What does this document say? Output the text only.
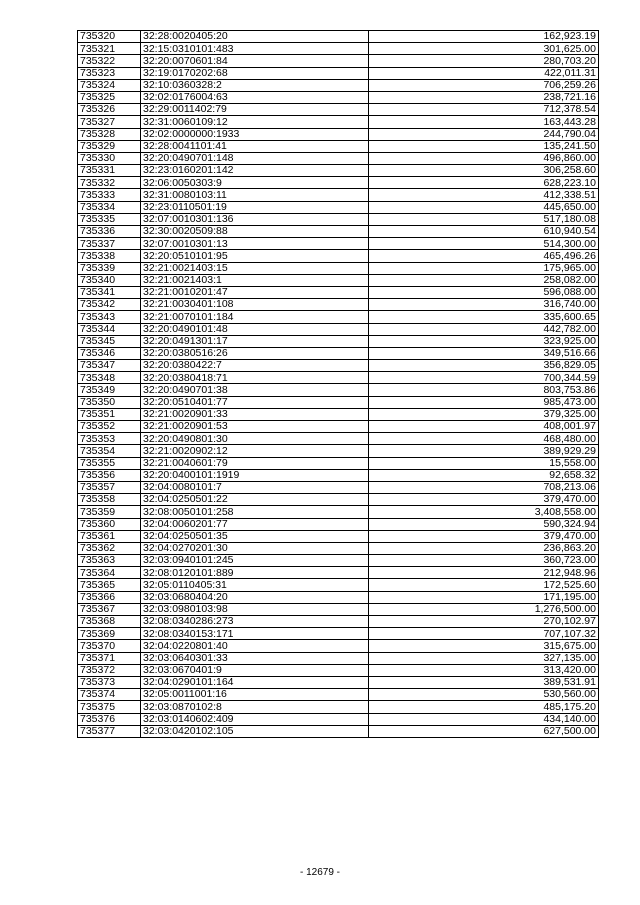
735320	32:28:0020405:20	162,923.19
735321	32:15:0310101:483	301,625.00
735322	32:20:0070601:84	280,703.20
735323	32:19:0170202:68	422,011.31
735324	32:10:0360328:2	706,259.26
735325	32:02:0176004:63	238,721.16
735326	32:29:0011402:79	712,378.54
735327	32:31:0060109:12	163,443.28
735328	32:02:0000000:1933	244,790.04
735329	32:28:0041101:41	135,241.50
735330	32:20:0490701:148	496,860.00
735331	32:23:0160201:142	306,258.60
735332	32:06:0050303:9	628,223.10
735333	32:31:0080103:11	412,338.51
735334	32:23:0110501:19	445,650.00
735335	32:07:0010301:136	517,180.08
735336	32:30:0020509:88	610,940.54
735337	32:07:0010301:13	514,300.00
735338	32:20:0510101:95	465,496.26
735339	32:21:0021403:15	175,965.00
735340	32:21:0021403:1	258,082.00
735341	32:21:0010201:47	596,088.00
735342	32:21:0030401:108	316,740.00
735343	32:21:0070101:184	335,600.65
735344	32:20:0490101:48	442,782.00
735345	32:20:0491301:17	323,925.00
735346	32:20:0380516:26	349,516.66
735347	32:20:0380422:7	356,829.05
735348	32:20:0380418:71	700,344.59
735349	32:20:0490701:38	803,753.86
735350	32:20:0510401:77	985,473.00
735351	32:21:0020901:33	379,325.00
735352	32:21:0020901:53	408,001.97
735353	32:20:0490801:30	468,480.00
735354	32:21:0020902:12	389,929.29
735355	32:21:0040601:79	15,558.00
735356	32:20:0400101:1919	92,658.32
735357	32:04:0080101:7	708,213.06
735358	32:04:0250501:22	379,470.00
735359	32:08:0050101:258	3,408,558.00
735360	32:04:0060201:77	590,324.94
735361	32:04:0250501:35	379,470.00
735362	32:04:0270201:30	236,863.20
735363	32:03:0940101:245	360,723.00
735364	32:08:0120101:889	212,948.96
735365	32:05:0110405:31	172,525.60
735366	32:03:0680404:20	171,195.00
735367	32:03:0980103:98	1,276,500.00
735368	32:08:0340286:273	270,102.97
735369	32:08:0340153:171	707,107.32
735370	32:04:0220801:40	315,675.00
735371	32:03:0640301:33	327,135.00
735372	32:03:0670401:9	313,420.00
735373	32:04:0290101:164	389,531.91
735374	32:05:0011001:16	530,560.00
735375	32:03:0870102:8	485,175.20
735376	32:03:0140602:409	434,140.00
735377	32:03:0420102:105	627,500.00
- 12679 -
